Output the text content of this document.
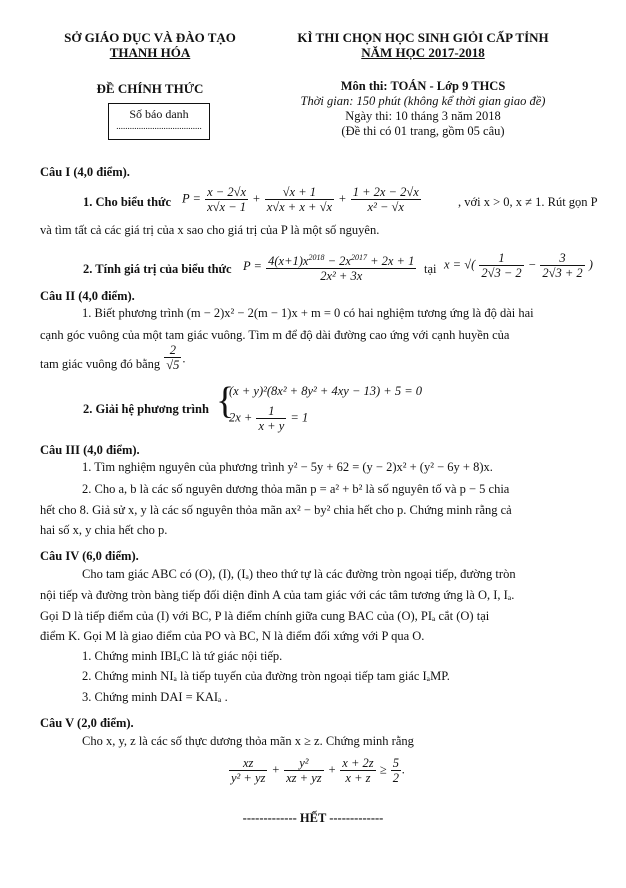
SỞ GIÁO DỤC VÀ ĐÀO TẠO
THANH HÓA
ĐỀ CHÍNH THỨC
Số báo danh
......................................
KÌ THI CHỌN HỌC SINH GIỎI CẤP TỈNH
NĂM HỌC 2017-2018
Môn thi: TOÁN - Lớp 9 THCS
Thời gian: 150 phút (không kể thời gian giao đề)
Ngày thi: 10 tháng 3 năm 2018
(Đề thi có 01 trang, gồm 05 câu)
Câu I (4,0 điểm).
1. Cho biểu thức $P = \frac{x - 2√x}{x√x - 1} + \frac{√x + 1}{x√x + x + √x} + \frac{1 + 2x - 2√x}{\text{x² − √x}}$	, với x > 0, x ≠ 1. Rút gọn P
và tìm tất cả các giá trị của x sao cho giá trị của P là một số nguyên.
2. Tính giá trị của biểu thức $P = \frac{4(x+1)x^{2018} - 2x^{2017} + 2x + 1}{\text{2x² + 3x}}$ tại x = √( $\frac{1}{2√3 - 2} - \frac{3}{2√3 + 2}$ )
Câu II (4,0 điểm).
1. Biết phương trình (m − 2)x² − 2(m − 1)x + m = 0 có hai nghiệm tương ứng là độ dài hai
cạnh góc vuông của một tam giác vuông. Tìm m để độ dài đường cao ứng với cạnh huyền của
tam giác vuông đó bằng $\frac{2}{√5}$ .
2. Giải hệ phương trình {
(x + y)²(8x² + 8y² + 4xy − 13) + 5 = 0
$2x + \frac{1}{x + y} = 1$
Câu III (4,0 điểm).
1. Tìm nghiệm nguyên của phương trình y² − 5y + 62 = (y − 2)x² + (y² − 6y + 8)x.
2. Cho a, b là các số nguyên dương thỏa mãn p = a² + b² là số nguyên tố và p − 5 chia
hết cho 8. Giả sử x, y là các số nguyên thỏa mãn ax² − by² chia hết cho p. Chứng minh rằng cả
hai số x, y chia hết cho p.
Câu IV (6,0 điểm).
Cho tam giác ABC có (O), (I), (Iₐ) theo thứ tự là các đường tròn ngoại tiếp, đường tròn
nội tiếp và đường tròn bàng tiếp đối diện đỉnh A của tam giác với các tâm tương ứng là O, I, Iₐ.
Gọi D là tiếp điểm của (I) với BC, P là điểm chính giữa cung BAC của (O), PIₐ cắt (O) tại
điểm K. Gọi M là giao điểm của PO và BC, N là điểm đối xứng với P qua O.
1. Chứng minh IBIₐC là tứ giác nội tiếp.
2. Chứng minh NIₐ là tiếp tuyến của đường tròn ngoại tiếp tam giác IₐMP.
3. Chứng minh DAI = KAIₐ .
Câu V (2,0 điểm).
Cho x, y, z là các số thực dương thỏa mãn x ≥ z. Chứng minh rằng
$\frac{xz}{\text{y² + yz}} + \frac{\text{y²}}{xz + yz} + \frac{x + 2z}{x + z} \ge \frac{5}{2}$ .
------------- HẾT -------------
